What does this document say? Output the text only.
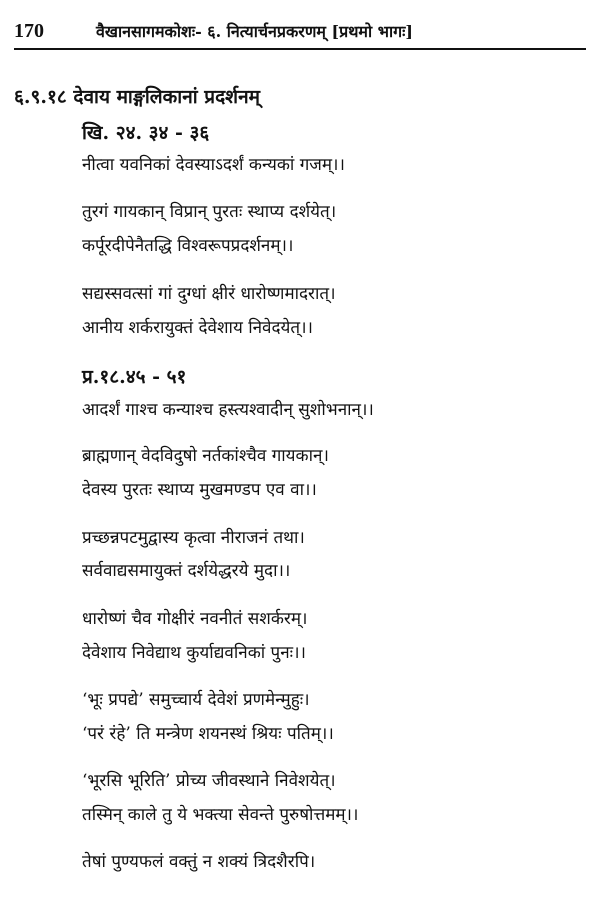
170	वैखानसागमकोशः- ६. नित्यार्चनप्रकरणम् [प्रथमो भागः]
६.९.१८ देवाय माङ्गलिकानां प्रदर्शनम्
खि. २४. ३४ - ३६
नीत्वा यवनिकां देवस्याऽदर्शं कन्यकां गजम्।।
तुरगं गायकान् विप्रान् पुरतः स्थाप्य दर्शयेत्।
कर्पूरदीपेनैतद्धि विश्वरूपप्रदर्शनम्।।
सद्यस्सवत्सां गां दुग्धां क्षीरं धारोष्णमादरात्।
आनीय शर्करायुक्तं देवेशाय निवेदयेत्।।
प्र.१८.४५ - ५१
आदर्शं गाश्च कन्याश्च हस्त्यश्वादीन् सुशोभनान्।।
ब्राह्मणान् वेदविदुषो नर्तकांश्चैव गायकान्।
देवस्य पुरतः स्थाप्य मुखमण्डप एव वा।।
प्रच्छन्नपटमुद्वास्य कृत्वा नीराजनं तथा।
सर्ववाद्यसमायुक्तं दर्शयेद्धरये मुदा।।
धारोष्णं चैव गोक्षीरं नवनीतं सशर्करम्।
देवेशाय निवेद्याथ कुर्याद्यवनिकां पुनः।।
‘भूः प्रपद्ये’ समुच्चार्य देवेशं प्रणमेन्मुहुः।
‘परं रंहे’ ति मन्त्रेण शयनस्थं श्रियः पतिम्।।
‘भूरसि भूरिति’ प्रोच्य जीवस्थाने निवेशयेत्।
तस्मिन् काले तु ये भक्त्या सेवन्ते पुरुषोत्तमम्।।
तेषां पुण्यफलं वक्तुं न शक्यं त्रिदशैरपि।
